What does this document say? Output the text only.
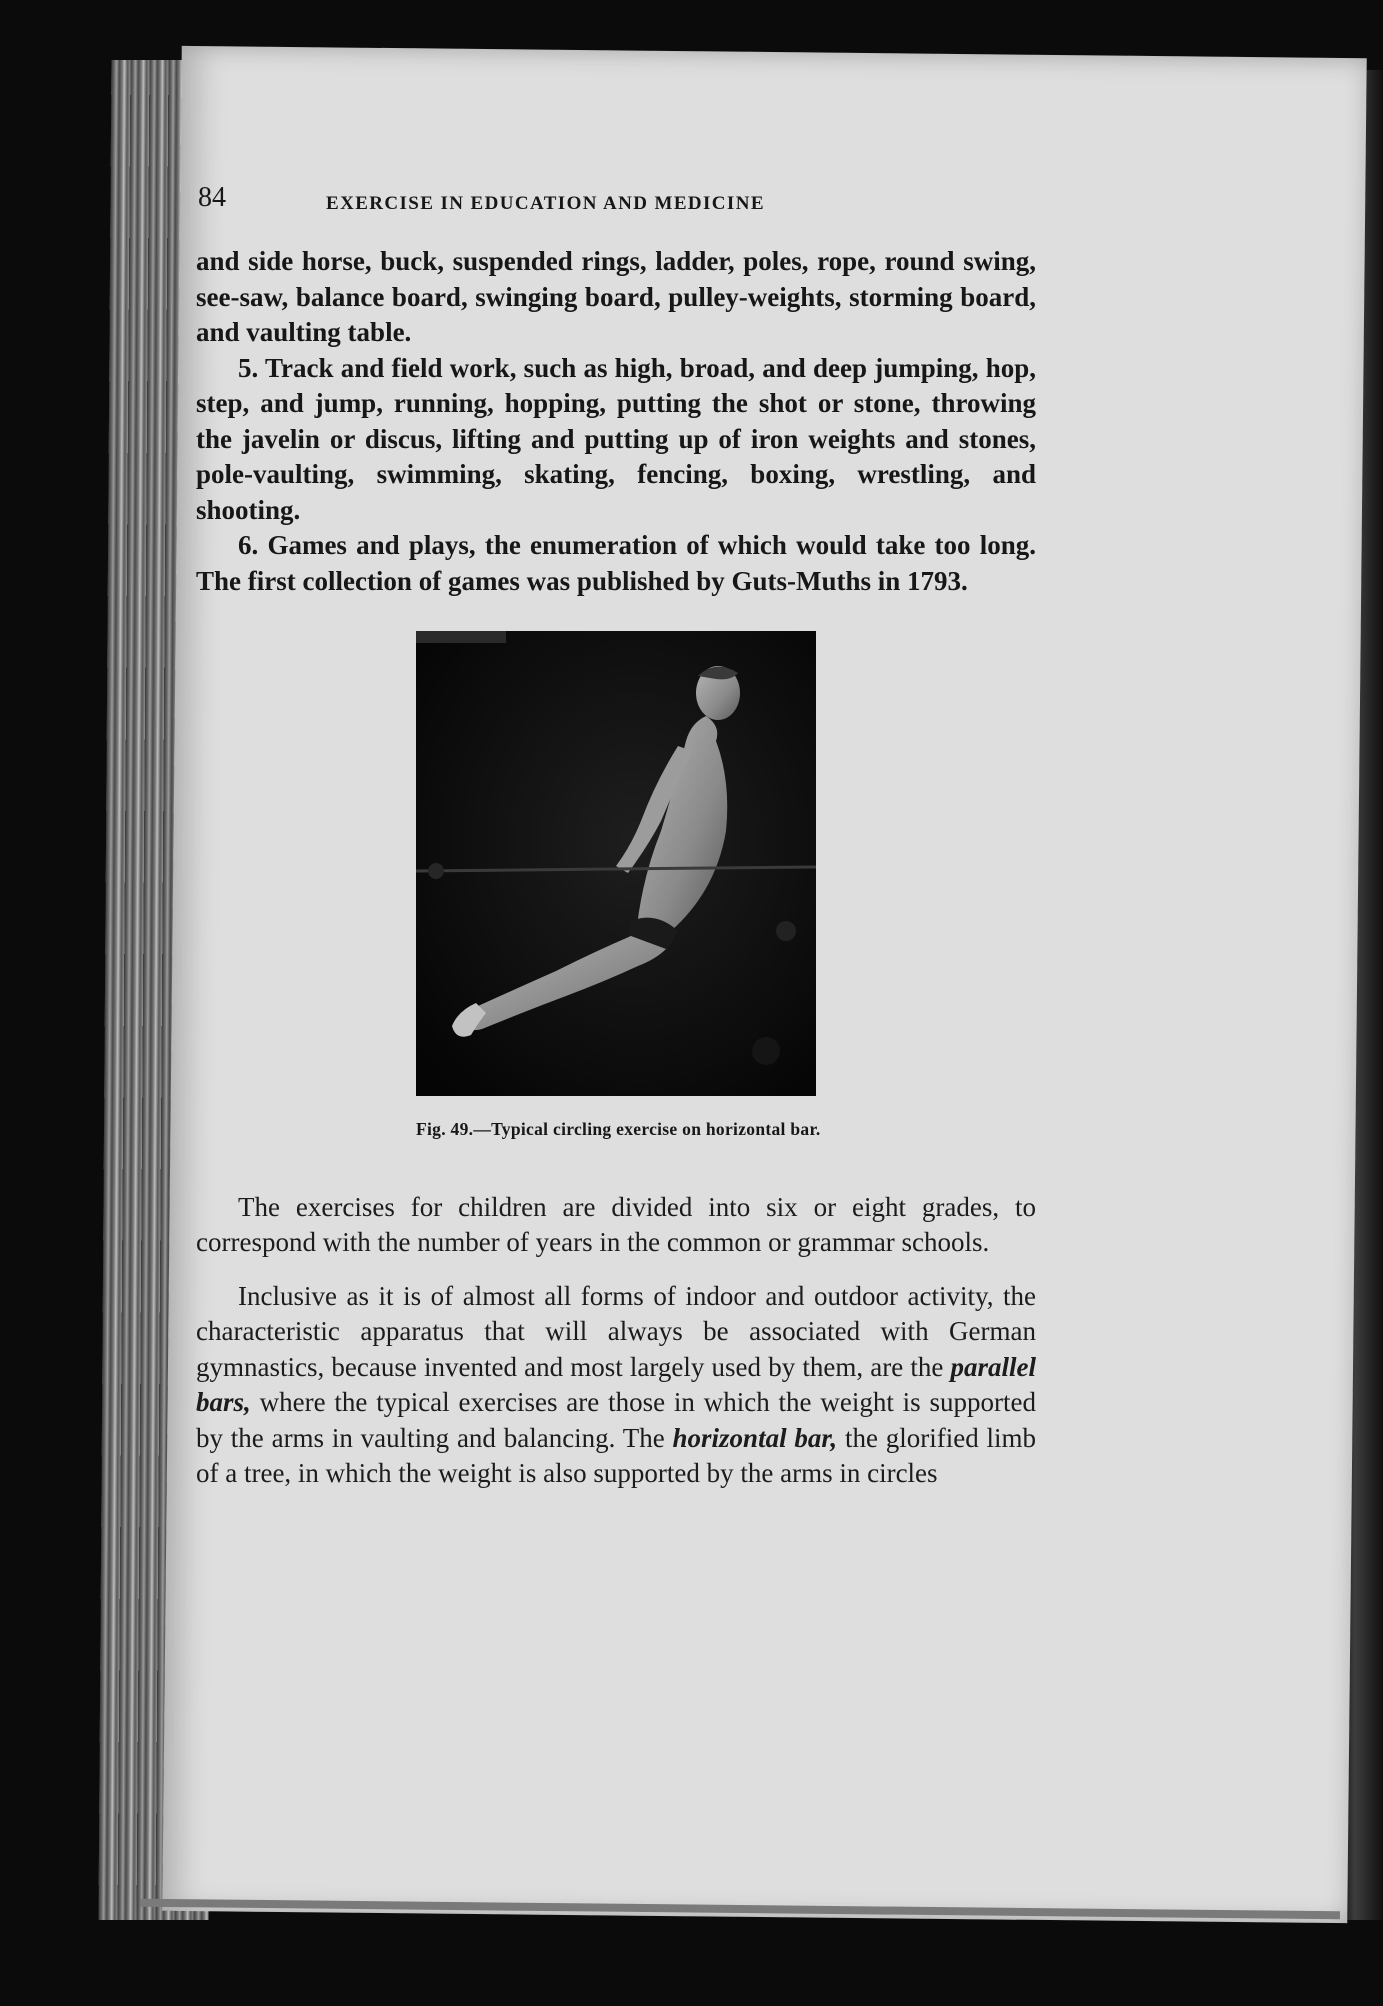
84	EXERCISE IN EDUCATION AND MEDICINE

and side horse, buck, suspended rings, ladder, poles, rope, round swing, see-saw, balance board, swinging board, pulley-weights, storming board, and vaulting table.

5. Track and field work, such as high, broad, and deep jumping, hop, step, and jump, running, hopping, putting the shot or stone, throwing the javelin or discus, lifting and putting up of iron weights and stones, pole-vaulting, swimming, skating, fencing, boxing, wrestling, and shooting.

6. Games and plays, the enumeration of which would take too long. The first collection of games was published by Guts-Muths in 1793.

Fig. 49.—Typical circling exercise on horizontal bar.

The exercises for children are divided into six or eight grades, to correspond with the number of years in the common or grammar schools.

Inclusive as it is of almost all forms of indoor and outdoor activity, the characteristic apparatus that will always be associated with German gymnastics, because invented and most largely used by them, are the parallel bars, where the typical exercises are those in which the weight is supported by the arms in vaulting and balancing. The horizontal bar, the glorified limb of a tree, in which the weight is also supported by the arms in circles
